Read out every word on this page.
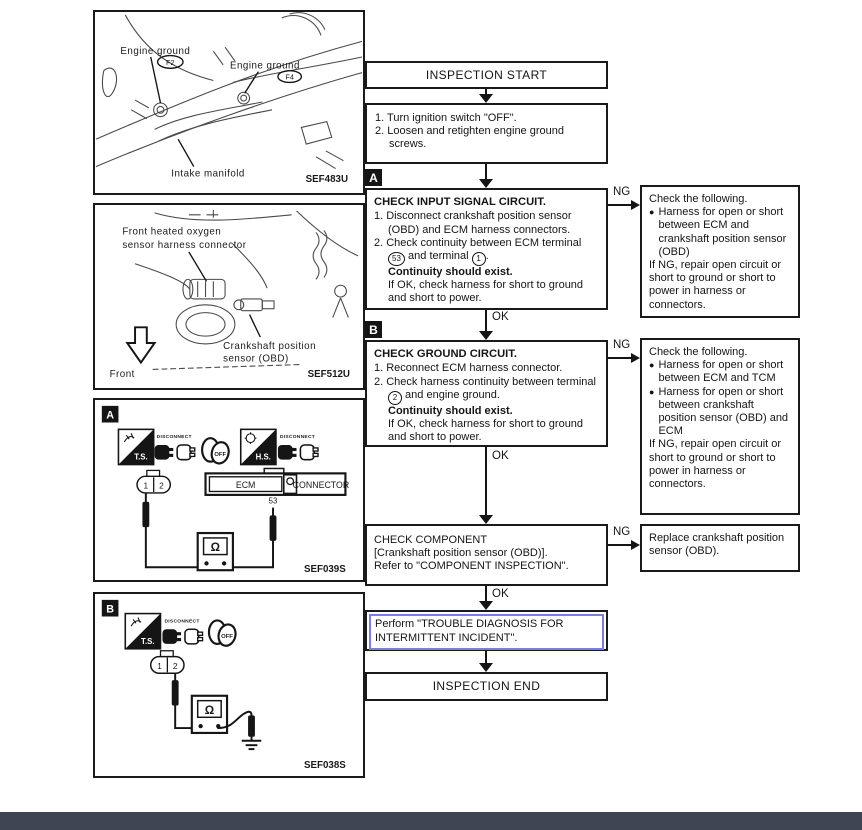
Engine ground
F2	Engine ground
F4
Intake manifold
SEF483U
Front heated oxygen
sensor harness connector
Crankshaft position
sensor (OBD)
Front	SEF512U
A
T.S.
DISCONNECT
OFF	H.S.
DISCONNECT
1 2	ECM	CONNECTOR
53
Ω
SEF039S
B
T.S.
DISCONNECT
OFF
1 2
Ω
SEF038S
INSPECTION START
1. Turn ignition switch "OFF".
2. Loosen and retighten engine ground screws.
A
CHECK INPUT SIGNAL CIRCUIT.
1. Disconnect crankshaft position sensor (OBD) and ECM harness connectors.
2. Check continuity between ECM terminal 53 and terminal 1 .
Continuity should exist.
If OK, check harness for short to ground and short to power.
NG
Check the following.
● Harness for open or short between ECM and crankshaft position sensor (OBD)
If NG, repair open circuit or short to ground or short to power in harness or connectors.
OK
B
CHECK GROUND CIRCUIT.
1. Reconnect ECM harness connector.
2. Check harness continuity between terminal 2 and engine ground.
Continuity should exist.
If OK, check harness for short to ground and short to power.
NG
Check the following.
● Harness for open or short between ECM and TCM
● Harness for open or short between crankshaft position sensor (OBD) and ECM
If NG, repair open circuit or short to ground or short to power in harness or connectors.
OK
CHECK COMPONENT
[Crankshaft position sensor (OBD)].
Refer to "COMPONENT INSPECTION".
NG Replace crankshaft position sensor (OBD).
OK
Perform "TROUBLE DIAGNOSIS FOR INTERMITTENT INCIDENT".
INSPECTION END
